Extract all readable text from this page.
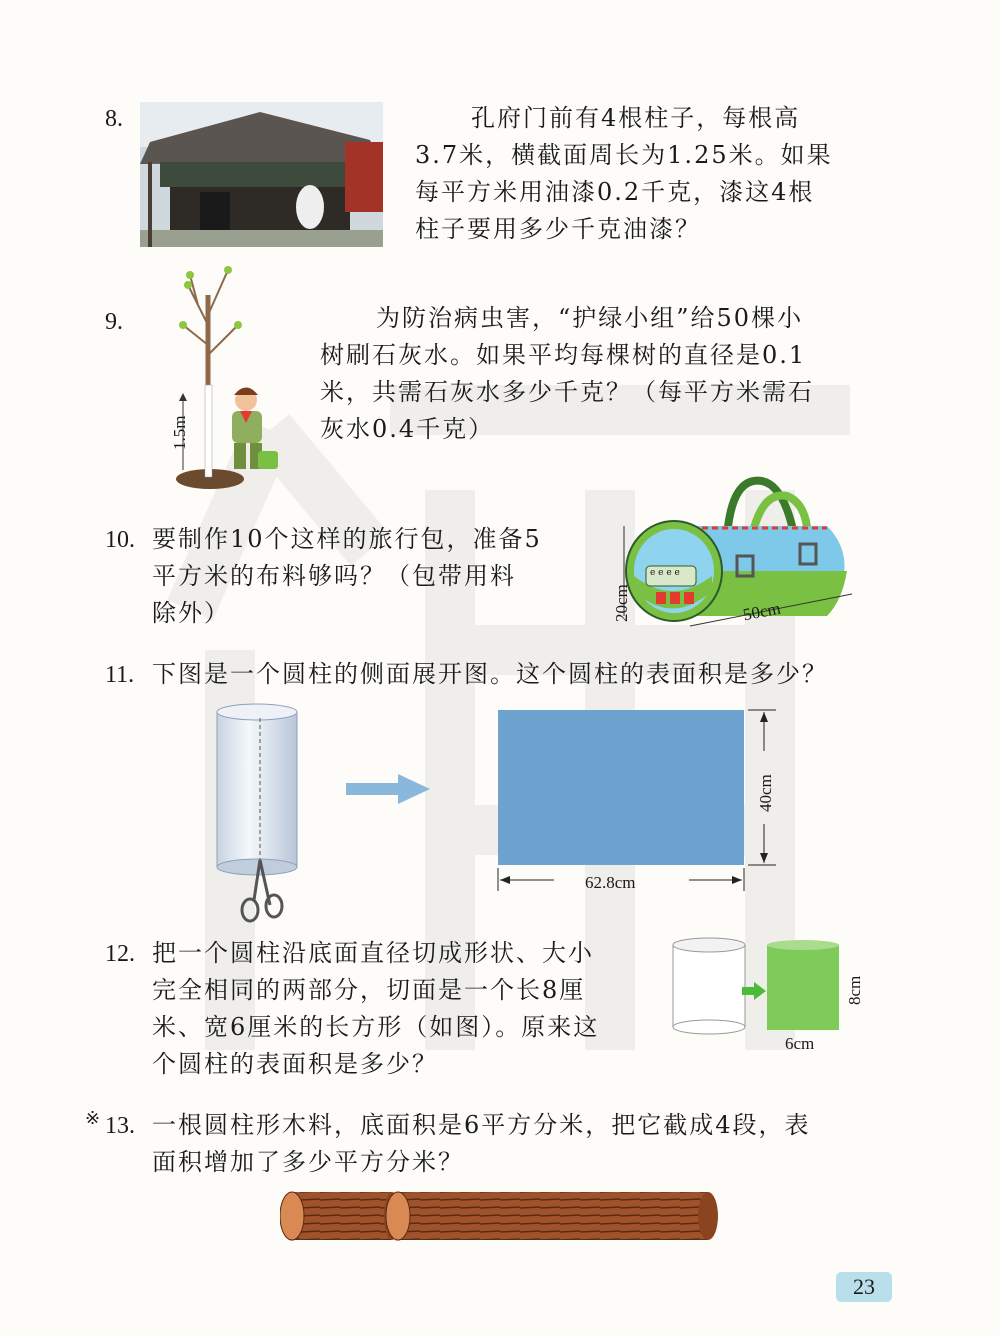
8.	孔府门前有4根柱子，每根高
3.7米，横截面周长为1.25米。如果
每平方米用油漆0.2千克，漆这4根
柱子要用多少千克油漆？
9.
1.5m
为防治病虫害，“护绿小组”给50棵小
树刷石灰水。如果平均每棵树的直径是0.1
米，共需石灰水多少千克？（每平方米需石
灰水0.4千克）
10. 要制作10个这样的旅行包，准备5
平方米的布料够吗？（包带用料
除外）
e e e e
20cm	50cm
11. 下图是一个圆柱的侧面展开图。这个圆柱的表面积是多少？
62.8cm
40cm
12. 把一个圆柱沿底面直径切成形状、大小
完全相同的两部分，切面是一个长8厘
米、宽6厘米的长方形（如图）。原来这
个圆柱的表面积是多少？
8cm
6cm
※ 13. 一根圆柱形木料，底面积是6平方分米，把它截成4段，表
面积增加了多少平方分米？
23
